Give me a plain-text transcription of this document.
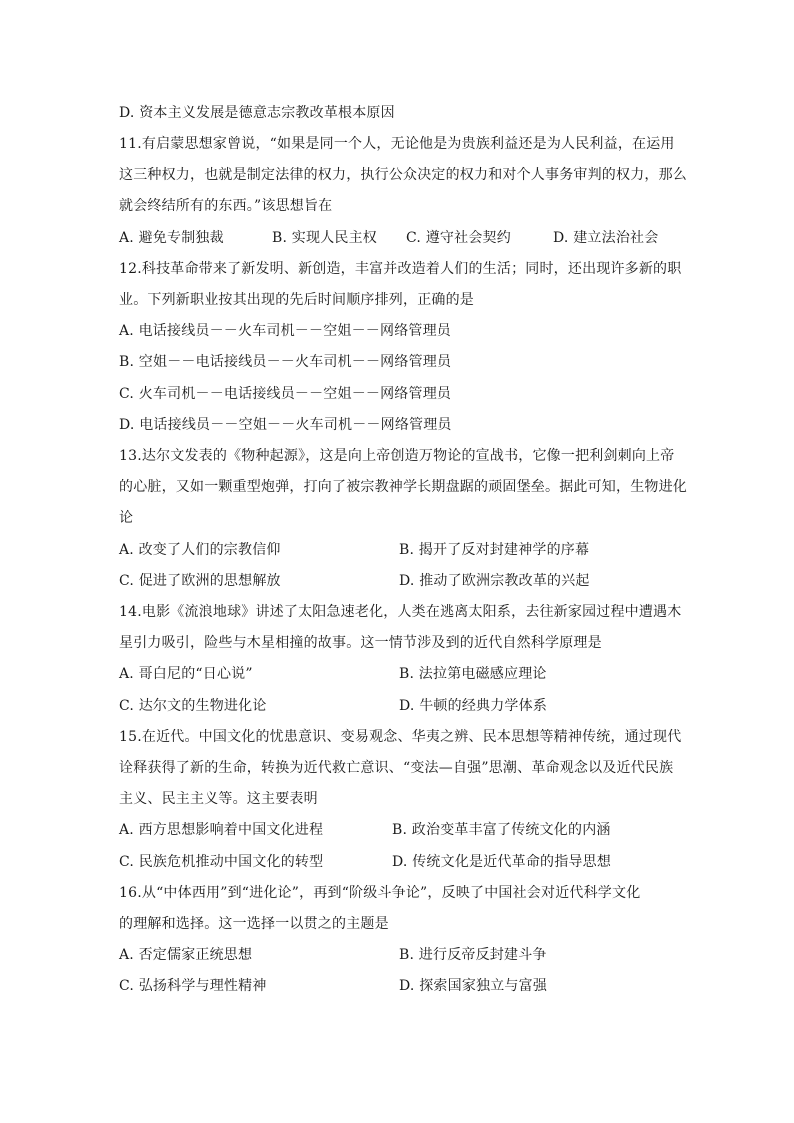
D. 资本主义发展是德意志宗教改革根本原因
11.有启蒙思想家曾说，“如果是同一个人，无论他是为贵族利益还是为人民利益，在运用
这三种权力，也就是制定法律的权力，执行公众决定的权力和对个人事务审判的权力，那么
就会终结所有的东西。”该思想旨在
A. 避免专制独裁	B. 实现人民主权 C. 遵守社会契约	D. 建立法治社会
12.科技革命带来了新发明、新创造，丰富并改造着人们的生活；同时，还出现许多新的职
业。下列新职业按其出现的先后时间顺序排列，正确的是
A. 电话接线员－－火车司机－－空姐－－网络管理员
B. 空姐－－电话接线员－－火车司机－－网络管理员
C. 火车司机－－电话接线员－－空姐－－网络管理员
D. 电话接线员－－空姐－－火车司机－－网络管理员
13.达尔文发表的《物种起源》，这是向上帝创造万物论的宣战书，它像一把利剑刺向上帝
的心脏，又如一颗重型炮弹，打向了被宗教神学长期盘踞的顽固堡垒。据此可知，生物进化
论
A. 改变了人们的宗教信仰	B. 揭开了反对封建神学的序幕
C. 促进了欧洲的思想解放	D. 推动了欧洲宗教改革的兴起
14.电影《流浪地球》讲述了太阳急速老化，人类在逃离太阳系，去往新家园过程中遭遇木
星引力吸引，险些与木星相撞的故事。这一情节涉及到的近代自然科学原理是
A. 哥白尼的“日心说”	B. 法拉第电磁感应理论
C. 达尔文的生物进化论	D. 牛顿的经典力学体系
15.在近代。中国文化的忧患意识、变易观念、华夷之辨、民本思想等精神传统，通过现代
诠释获得了新的生命，转换为近代救亡意识、“变法—自强”思潮、革命观念以及近代民族
主义、民主主义等。这主要表明
A. 西方思想影响着中国文化进程	B. 政治变革丰富了传统文化的内涵
C. 民族危机推动中国文化的转型	D. 传统文化是近代革命的指导思想
16.从“中体西用”到“进化论”，再到“阶级斗争论”，反映了中国社会对近代科学文化
的理解和选择。这一选择一以贯之的主题是
A. 否定儒家正统思想	B. 进行反帝反封建斗争
C. 弘扬科学与理性精神	D. 探索国家独立与富强
